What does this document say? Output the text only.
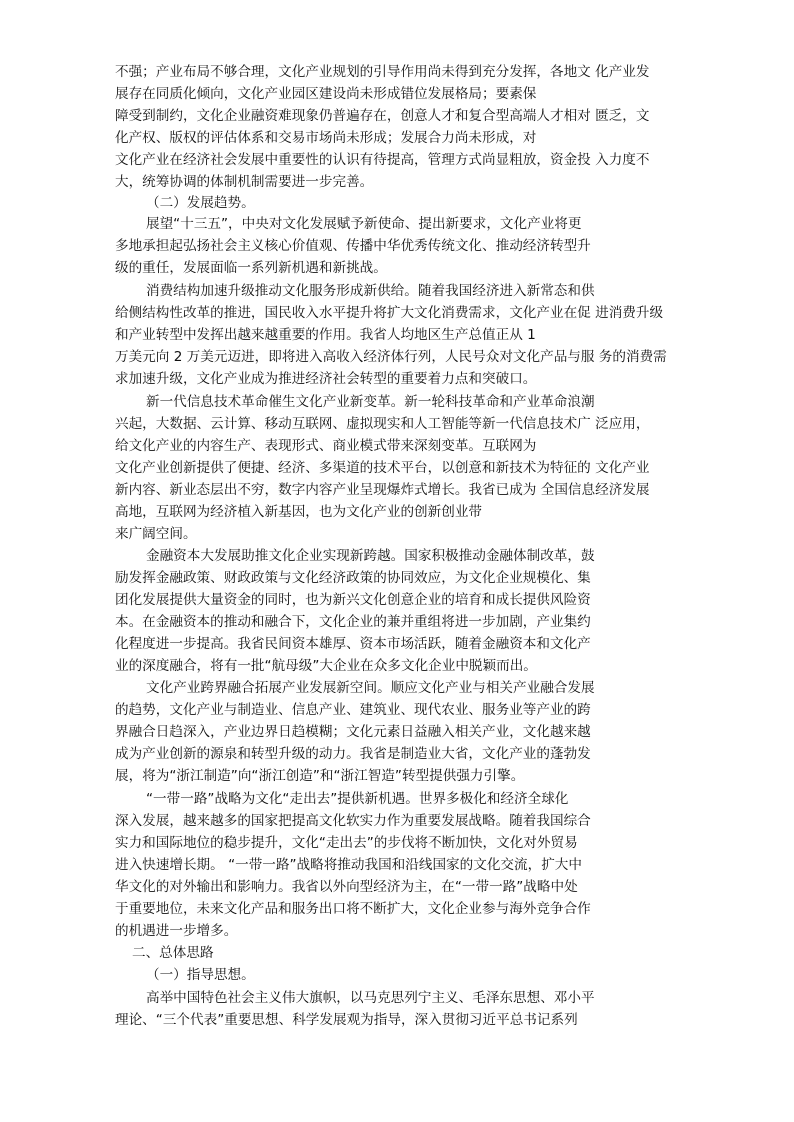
不强；产业布局不够合理，文化产业规划的引导作用尚未得到充分发挥，各地文 化产业发
展存在同质化倾向，文化产业园区建设尚未形成错位发展格局；要素保
障受到制约，文化企业融资难现象仍普遍存在，创意人才和复合型高端人才相对 匮乏，文
化产权、版权的评估体系和交易市场尚未形成；发展合力尚未形成，对
文化产业在经济社会发展中重要性的认识有待提高，管理方式尚显粗放，资金投 入力度不
大，统筹协调的体制机制需要进一步完善。
（二）发展趋势。
展望“十三五”，中央对文化发展赋予新使命、提出新要求，文化产业将更
多地承担起弘扬社会主义核心价值观、传播中华优秀传统文化、推动经济转型升
级的重任，发展面临一系列新机遇和新挑战。
消费结构加速升级推动文化服务形成新供给。随着我国经济进入新常态和供
给侧结构性改革的推进，国民收入水平提升将扩大文化消费需求，文化产业在促 进消费升级
和产业转型中发挥出越来越重要的作用。我省人均地区生产总值正从 1
万美元向 2 万美元迈进，即将进入高收入经济体行列，人民号众对文化产品与服 务的消费需
求加速升级，文化产业成为推进经济社会转型的重要着力点和突破口。
新一代信息技术革命催生文化产业新变革。新一轮科技革命和产业革命浪潮
兴起，大数据、云计算、移动互联网、虚拟现实和人工智能等新一代信息技术广 泛应用，
给文化产业的内容生产、表现形式、商业模式带来深刻变革。互联网为
文化产业创新提供了便捷、经济、多渠道的技术平台，以创意和新技术为特征的 文化产业
新内容、新业态层出不穷，数字内容产业呈现爆炸式增长。我省已成为 全国信息经济发展
高地，互联网为经济植入新基因，也为文化产业的创新创业带
来广阔空间。
金融资本大发展助推文化企业实现新跨越。国家积极推动金融体制改革，鼓
励发挥金融政策、财政政策与文化经济政策的协同效应，为文化企业规模化、集
团化发展提供大量资金的同时，也为新兴文化创意企业的培育和成长提供风险资
本。在金融资本的推动和融合下，文化企业的兼并重组将进一步加剧，产业集约
化程度进一步提高。我省民间资本雄厚、资本市场活跃，随着金融资本和文化产
业的深度融合，将有一批“航母级”大企业在众多文化企业中脱颖而出。
文化产业跨界融合拓展产业发展新空间。顺应文化产业与相关产业融合发展
的趋势，文化产业与制造业、信息产业、建筑业、现代农业、服务业等产业的跨
界融合日趋深入，产业边界日趋模糊；文化元素日益融入相关产业，文化越来越
成为产业创新的源泉和转型升级的动力。我省是制造业大省，文化产业的蓬勃发
展，将为“浙江制造”向“浙江创造”和“浙江智造”转型提供强力引擎。
“一带一路”战略为文化“走出去”提供新机遇。世界多极化和经济全球化
深入发展，越来越多的国家把提高文化软实力作为重要发展战略。随着我国综合
实力和国际地位的稳步提升，文化“走出去”的步伐将不断加快，文化对外贸易
进入快速增长期。 “一带一路”战略将推动我国和沿线国家的文化交流，扩大中
华文化的对外输出和影响力。我省以外向型经济为主，在“一带一路”战略中处
于重要地位，未来文化产品和服务出口将不断扩大，文化企业参与海外竞争合作
的机遇进一步增多。
二、总体思路
（一）指导思想。
高举中国特色社会主义伟大旗帜，以马克思列宁主义、毛泽东思想、邓小平
理论、“三个代表”重要思想、科学发展观为指导，深入贯彻习近平总书记系列
